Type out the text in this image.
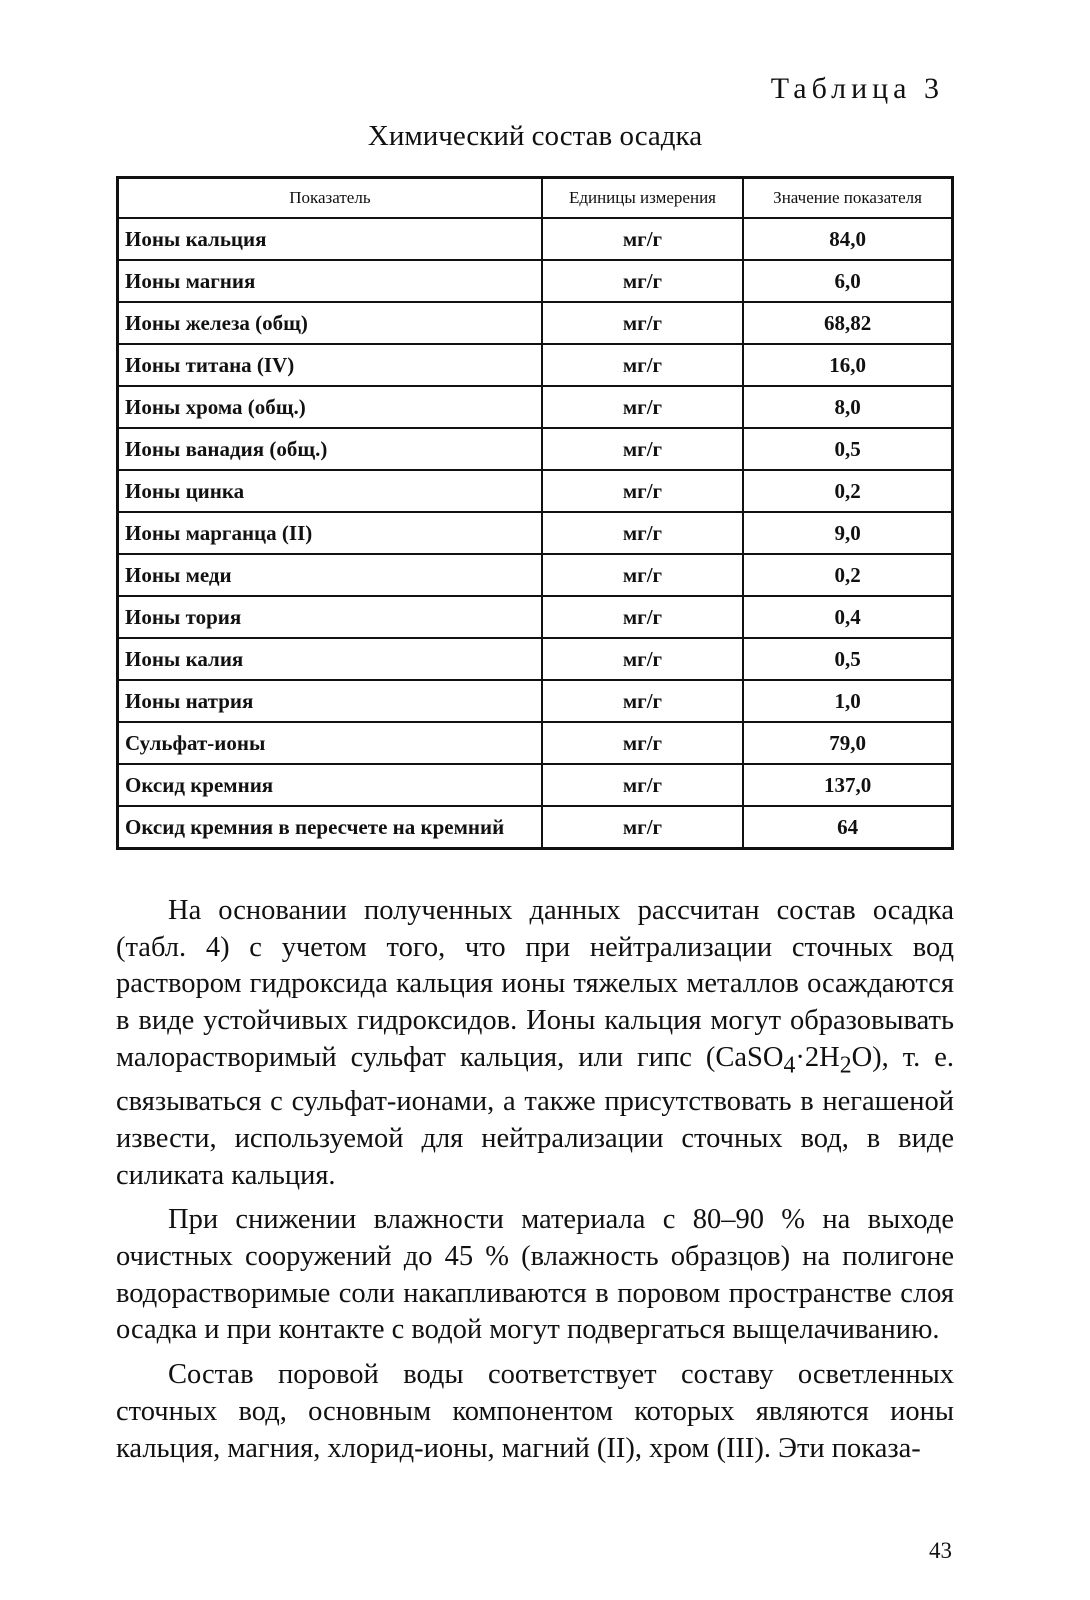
Таблица 3
Химический состав осадка
Показатель	Единицы измерения	Значение показателя
Ионы кальция	мг/г	84,0
Ионы магния	мг/г	6,0
Ионы железа (общ)	мг/г	68,82
Ионы титана (IV)	мг/г	16,0
Ионы хрома (общ.)	мг/г	8,0
Ионы ванадия (общ.)	мг/г	0,5
Ионы цинка	мг/г	0,2
Ионы марганца (II)	мг/г	9,0
Ионы меди	мг/г	0,2
Ионы тория	мг/г	0,4
Ионы калия	мг/г	0,5
Ионы натрия	мг/г	1,0
Сульфат-ионы	мг/г	79,0
Оксид кремния	мг/г	137,0
Оксид кремния в пересчете на кремний	мг/г	64

На основании полученных данных рассчитан состав осадка (табл. 4) с учетом того, что при нейтрализации сточных вод раствором гидроксида кальция ионы тяжелых металлов осаждаются в виде устойчивых гидроксидов. Ионы кальция могут образовывать малорастворимый сульфат кальция, или гипс $(CaSO_4\cdot 2H_2O)$, т. е. связываться с сульфат-ионами, а также присутствовать в негашеной извести, используемой для нейтрализации сточных вод, в виде силиката кальция.

При снижении влажности материала с 80–90 % на выходе очистных сооружений до 45 % (влажность образцов) на полигоне водорастворимые соли накапливаются в поровом пространстве слоя осадка и при контакте с водой могут подвергаться выщелачиванию.

Состав поровой воды соответствует составу осветленных сточных вод, основным компонентом которых являются ионы кальция, магния, хлорид-ионы, магний (II), хром (III). Эти показа-

43
